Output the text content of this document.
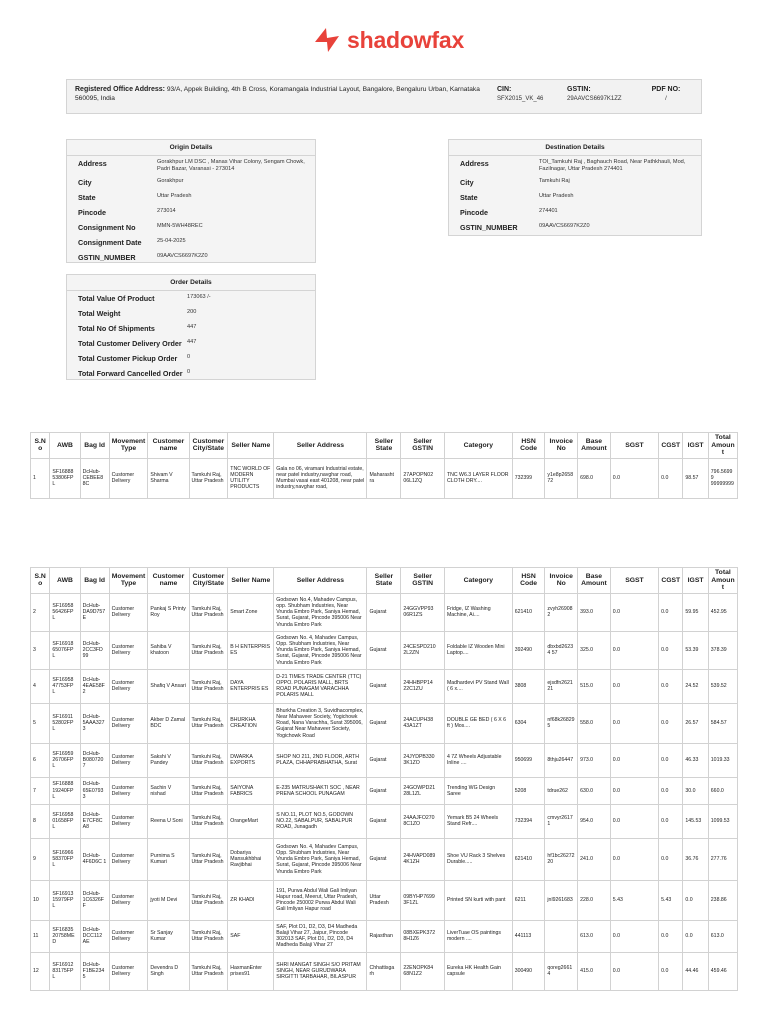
shadowfax
Registered Office Address: 93/A, Appek Building, 4th B Cross, Koramangala Industrial Layout, Bangalore, Bengaluru Urban, Karnataka 560095, India
CIN:
SFX2015_VK_46
GSTIN:
29AAVCS6697K1ZZ
PDF NO:
/
Origin Details
Address	Gorakhpur LM DSC , Manas Vihar Colony, Sengam Chowk, Padri Bazar, Varanasi - 273014
City	Gorakhpur
State	Uttar Pradesh
Pincode	273014
Consignment No	MMN-5WH48REC
Consignment Date	25-04-2025
GSTIN_NUMBER	09AAVCS6697K2Z0
Destination Details
Address	TOI_Tamkuhi Raj , Baghauch Road, Near Pathkhauli, Mod, Fazilnagar, Uttar Pradesh 274401
City	Tamkuhi Raj
State	Uttar Pradesh
Pincode	274401
GSTIN_NUMBER	09AAVCS6697K2Z0
Order Details
Total Value Of Product	173063 /-
Total Weight	200
Total No Of Shipments	447
Total Customer Delivery Order 447
Total Customer Pickup Order	0
Total Forward Cancelled Order 0
S.No	AWB	Bag Id	Movement Type	Customer name	Customer City/State	Seller Name	Seller Address	Seller State	Seller GSTIN	Category	HSN Code	Invoice No	Base Amount	SGST	CGST	IGST	Total Amount
1	SF16888 53806FP L	DcHub-CEBEE8 8C	Customer Delivery	Shivam V Sharma	Tamkuhi Raj, Uttar Pradesh	TNC WORLD OF MODERN UTILITY PRODUCTS	Gala no 06, viramani Industrial estate, near patel industry,navghar road, Mumbai vasai east 401208, near patel industry,navghar road,	Maharasht ra	27APOPN02 06L1ZQ	TNC W6.3 LAYER FLOOR CLOTH DRY....	732399	y1e8p2658 72	698.0	0.0	0.0	98.57	796.56999 99999999
S.No	AWB	Bag Id	Movement Type	Customer name	Customer City/State	Seller Name	Seller Address	Seller State	Seller GSTIN	Category	HSN Code	Invoice No	Base Amount	SGST	CGST	IGST	Total Amount
2	SF16958 56426FP L	DcHub-DA9D757 E	Customer Delivery	Pankaj S Printy Roy	Tamkuhi Raj, Uttar Pradesh	Smart Zone	Godsown No.4, Mahadev Campus, opp. Shubham Industries, Near Vrunda Embro Park, Saniya Hemad, Surat, Gujarat, Pincode 395006 Near Vrunda Embro Park	Gujarat	24GGVPP93 06R1ZS	Fridge, IZ Washing Machine, Ai....	621410	zvyh26908 2	393.0	0.0	0.0	59.95	452.95
3	SF16918 65076FP L	DcHub-2CC3FD 99	Customer Delivery	Sahiba V khatoon	Tamkuhi Raj, Uttar Pradesh	B H ENTERPRIS ES	Godsown No. 4, Mahadev Campus, Opp. Shubham Industries, Near Vrunda Embro Park, Saniya Hemad, Surat, Gujarat, Pincode 395006 Near Vrunda Embro Park	Gujarat	24CESPD210 2L2ZN	Foldable IZ Wooden Mini Laptop....	392490	dbxbd26234 57	325.0	0.0	0.0	53.39	378.39
4	SF16958 47753FP L	DcHub-4EAE58F 2	Customer Delivery	Shafiq V Ansari	Tamkuhi Raj, Uttar Pradesh	DAYA ENTERPRIS ES	D-21 TIMES TRADE CENTER (TTC) OPPO. POLARIS MALL, BRTS ROAD PUNAGAM VARACHHA POLARIS MALL	Gujarat	24HHBPP14 22C1ZU	Madhardevi PV Stand Wall ( 6 x....	3808	ejsdfn2621 21	515.0	0.0	0.0	24.52	539.52
5	SF16911 52802FP L	DcHub-5AAA327 3	Customer Delivery	Akber D Zamal BDC	Tamkuhi Raj, Uttar Pradesh	BHURKHA CREATION	Bhurkha Creation 3, Suvidhacomplex, Near Mahaveer Society, Yogichowk Road, Nana Varachha, Surat 395006, Gujarat Near Mahaveer Society, Yogichowk Road	Gujarat	24ACUPH38 43A1ZT	DOUBLE GE BED ( 6 X 6 ft ) Mos....	6304	nf68k26829 5	558.0	0.0	0.0	26.57	584.57
6	SF16959 26706FP L	DcHub-B080720 7	Customer Delivery	Sakshi V Pandey	Tamkuhi Raj, Uttar Pradesh	DWARKA EXPORTS	SHOP NO 211, 2ND FLOOR, ARTH PLAZA, CHHAPRABHATHA, Surat	Gujarat	24JYDPB330 3K1ZO	4 7Z Wheels Adjustable Inline ....	950699	8thju26447	973.0	0.0	0.0	46.33	1019.33
7	SF16888 19240FP L	DcHub-65E0793 3	Customer Delivery	Sachin V nishad	Tamkuhi Raj, Uttar Pradesh	SAIYONA FABRICS	E-235 MATRUSHAKTI SOC , NEAR PRENA SCHOOL PUNAGAM	Gujarat	24GOWPD21 28L1ZL	Trending WG Design Saree	5208	tdrue262	630.0	0.0	0.0	30.0	660.0
8	SF16958 01658FP L	DcHub-E7CF8C A8	Customer Delivery	Reena U Soni	Tamkuhi Raj, Uttar Pradesh	OrangeMart	S NO.11, PLOT NO.5, GODOWN NO.22, SABALPUR, SABALPUR ROAD, Junagadh	Gujarat	24AAJFO270 8C1ZO	Yemark B5 24 Wheels Stand Refr....	732394	cmvyr2617 1	954.0	0.0	0.0	145.53	1099.53
9	SF16966 58370FP L	DcHub-4F6D6C 1	Customer Delivery	Purnima S Kumari	Tamkuhi Raj, Uttar Pradesh	Dobariya Mansukhbhai Ravjibhai	Godsown No. 4, Mahadev Campus, Opp. Shubham Industries, Near Vrunda Embro Park, Saniya Hemad, Surat, Gujarat, Pincode 395006 Near Vrunda Embro Park	Gujarat	24HVAPD089 4K1ZH	Shoe VU Rack 3 Shelves Durable.....	621410	hf1bc26272 20	241.0	0.0	0.0	36.76	277.76
10	SF16913 15979FP L	DcHub-1C6326F F	Customer Delivery	jyoti M Devi	Tamkuhi Raj, Uttar Pradesh	ZR KHADI	191, Purwa Abdul Wali Gali Imliyan Hapur road, Meerut, Uttar Pradesh, Pincode 250002 Purwa Abdul Wali Gali Imliyan Hapur road	Uttar Pradesh	09BYHP7699 3F1ZL	Printed SN kurti with pant	6211	jnl9261683	228.0	5.43	5.43	0.0	238.86
11	SF16835 20758ME D	DcHub-DCC112 AE	Customer Delivery	Sr Sanjay Kumar	Tamkuhi Raj, Uttar Pradesh	SAF	SAF, Plot D1, D2, D3, D4 Madheda Balaji Vihar 27, Jaipur, Pincode 302013 SAF, Plot D1, D2, D3, D4 Madheda Balaji Vihar 27	Rajasthan	08BXEPK372 8H1Z6	LiverTuae OS paintings modern ....	441113		613.0	0.0	0.0	0.0	613.0
12	SF16912 83175FP L	DcHub-F1BE234 5	Customer Delivery	Devendra D Singh	Tamkuhi Raj, Uttar Pradesh	HaxmanEnter prises91	SHRI MANGAT SINGH S/O PRITAM SINGH, NEAR GURUDWARA SIRGITTI TARBAHAR, BILASPUR	Chhattisga rh	22ENOPK84 68N1Z2	Eureka HK Health Gain capsule	300490	qoreg26614	415.0	0.0	0.0	44.46	459.46
